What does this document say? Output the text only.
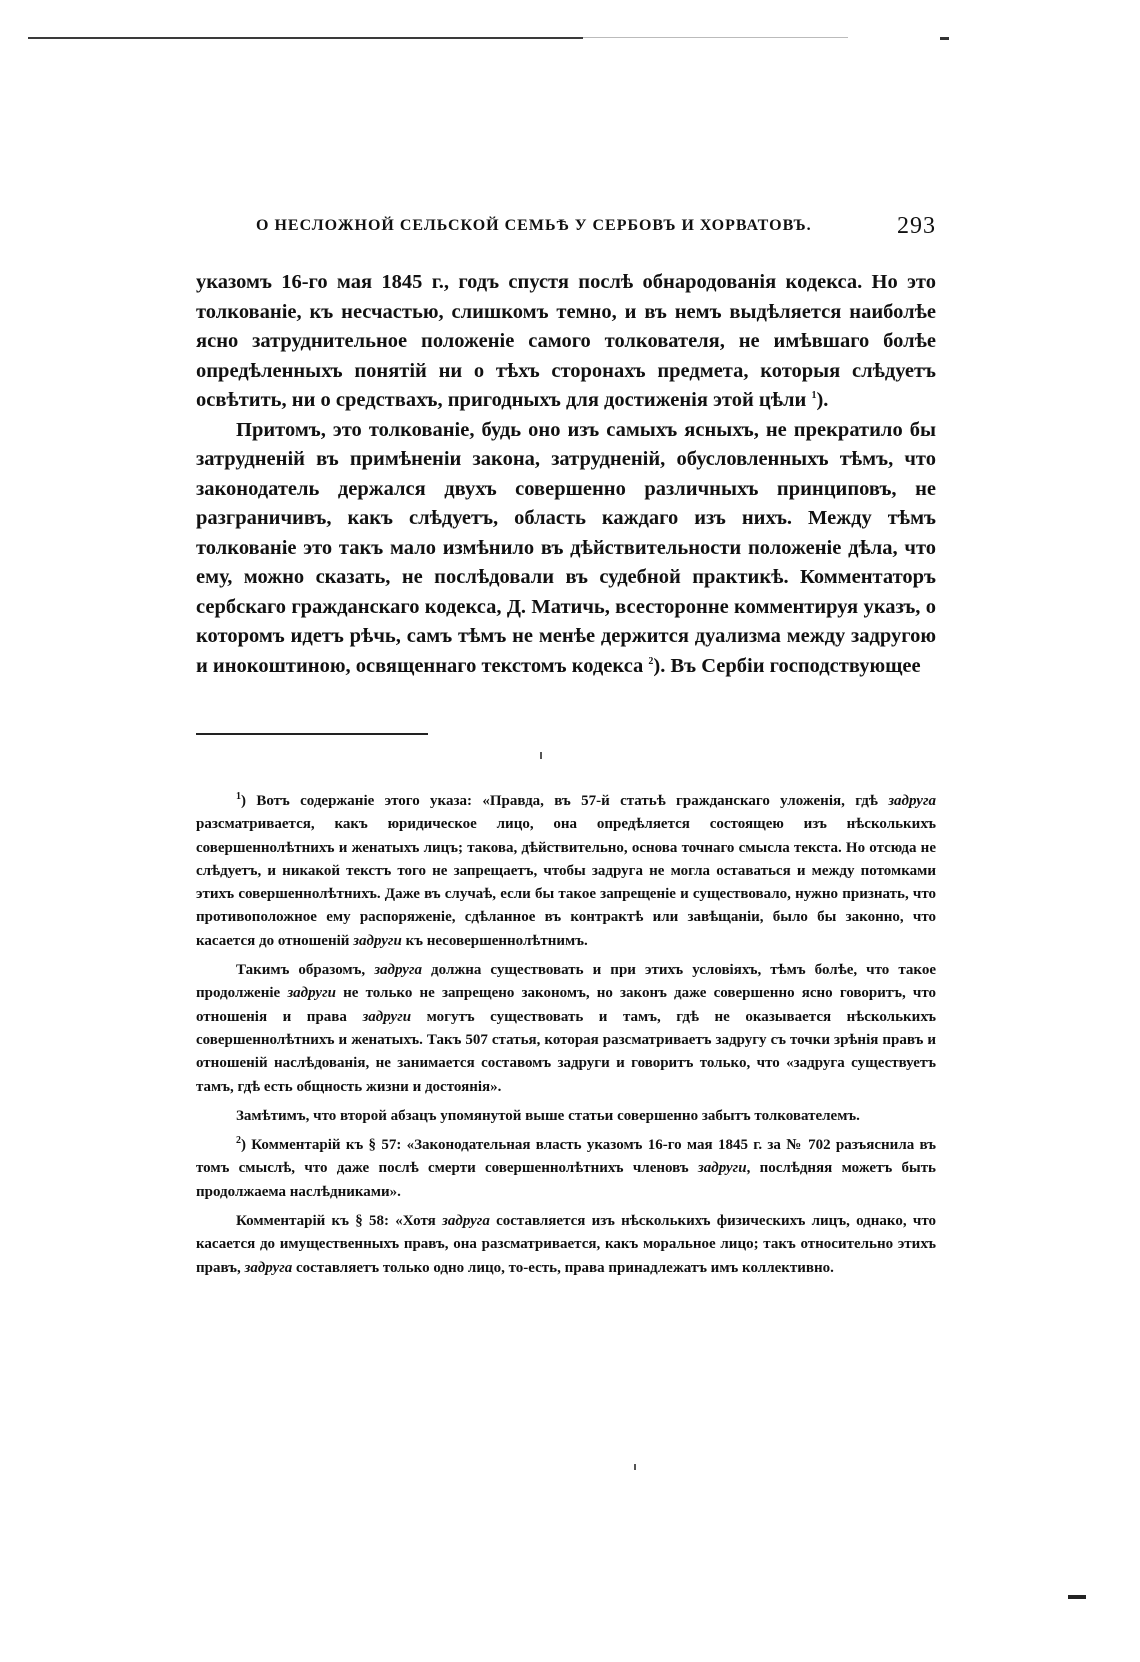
О НЕСЛОЖНОЙ СЕЛЬСКОЙ СЕМЬѢ У СЕРБОВЪ И ХОРВАТОВЪ.	293

указомъ 16-го мая 1845 г., годъ спустя послѣ обнародованія кодекса. Но это толкованіе, къ несчастью, слишкомъ темно, и въ немъ выдѣляется наиболѣе ясно затруднительное положеніе самого толкователя, не имѣвшаго болѣе опредѣленныхъ понятій ни о тѣхъ сторонахъ предмета, которыя слѣдуетъ освѣтить, ни о средствахъ, пригодныхъ для достиженія этой цѣли $^1$).

Притомъ, это толкованіе, будь оно изъ самыхъ ясныхъ, не прекратило бы затрудненій въ примѣненіи закона, затрудненій, обусловленныхъ тѣмъ, что законодатель держался двухъ совершенно различныхъ принциповъ, не разграничивъ, какъ слѣдуетъ, область каждаго изъ нихъ. Между тѣмъ толкованіе это такъ мало измѣнило въ дѣйствительности положеніе дѣла, что ему, можно сказать, не послѣдовали въ судебной практикѣ. Комментаторъ сербскаго гражданскаго кодекса, Д. Матичь, всесторонне комментируя указъ, о которомъ идетъ рѣчь, самъ тѣмъ не менѣе держится дуализма между задругою и инокоштиною, освященнаго текстомъ кодекса $^2$). Въ Сербіи господствующее

$^1$) Вотъ содержаніе этого указа: «Правда, въ 57-й статьѣ гражданскаго уложенія, гдѣ задруга разсматривается, какъ юридическое лицо, она опредѣляется состоящею изъ нѣсколькихъ совершеннолѣтнихъ и женатыхъ лицъ; такова, дѣйствительно, основа точнаго смысла текста. Но отсюда не слѣдуетъ, и никакой текстъ того не запрещаетъ, чтобы задруга не могла оставаться и между потомками этихъ совершеннолѣтнихъ. Даже въ случаѣ, если бы такое запрещеніе и существовало, нужно признать, что противоположное ему распоряженіе, сдѣланное въ контрактѣ или завѣщаніи, было бы законно, что касается до отношеній задруги къ несовершеннолѣтнимъ.

Такимъ образомъ, задруга должна существовать и при этихъ условіяхъ, тѣмъ болѣе, что такое продолженіе задруги не только не запрещено закономъ, но законъ даже совершенно ясно говоритъ, что отношенія и права задруги могутъ существовать и тамъ, гдѣ не оказывается нѣсколькихъ совершеннолѣтнихъ и женатыхъ. Такъ 507 статья, которая разсматриваетъ задругу съ точки зрѣнія правъ и отношеній наслѣдованія, не занимается составомъ задруги и говоритъ только, что «задруга существуетъ тамъ, гдѣ есть общность жизни и достоянія».

Замѣтимъ, что второй абзацъ упомянутой выше статьи совершенно забытъ толкователемъ.

$^2$) Комментарій къ § 57: «Законодательная власть указомъ 16-го мая 1845 г. за № 702 разъяснила въ томъ смыслѣ, что даже послѣ смерти совершеннолѣтнихъ членовъ задруги, послѣдняя можетъ быть продолжаема наслѣдниками».

Комментарій къ § 58: «Хотя задруга составляется изъ нѣсколькихъ физическихъ лицъ, однако, что касается до имущественныхъ правъ, она разсматривается, какъ моральное лицо; такъ относительно этихъ правъ, задруга составляетъ только одно лицо, то-есть, права принадлежатъ имъ коллективно.
